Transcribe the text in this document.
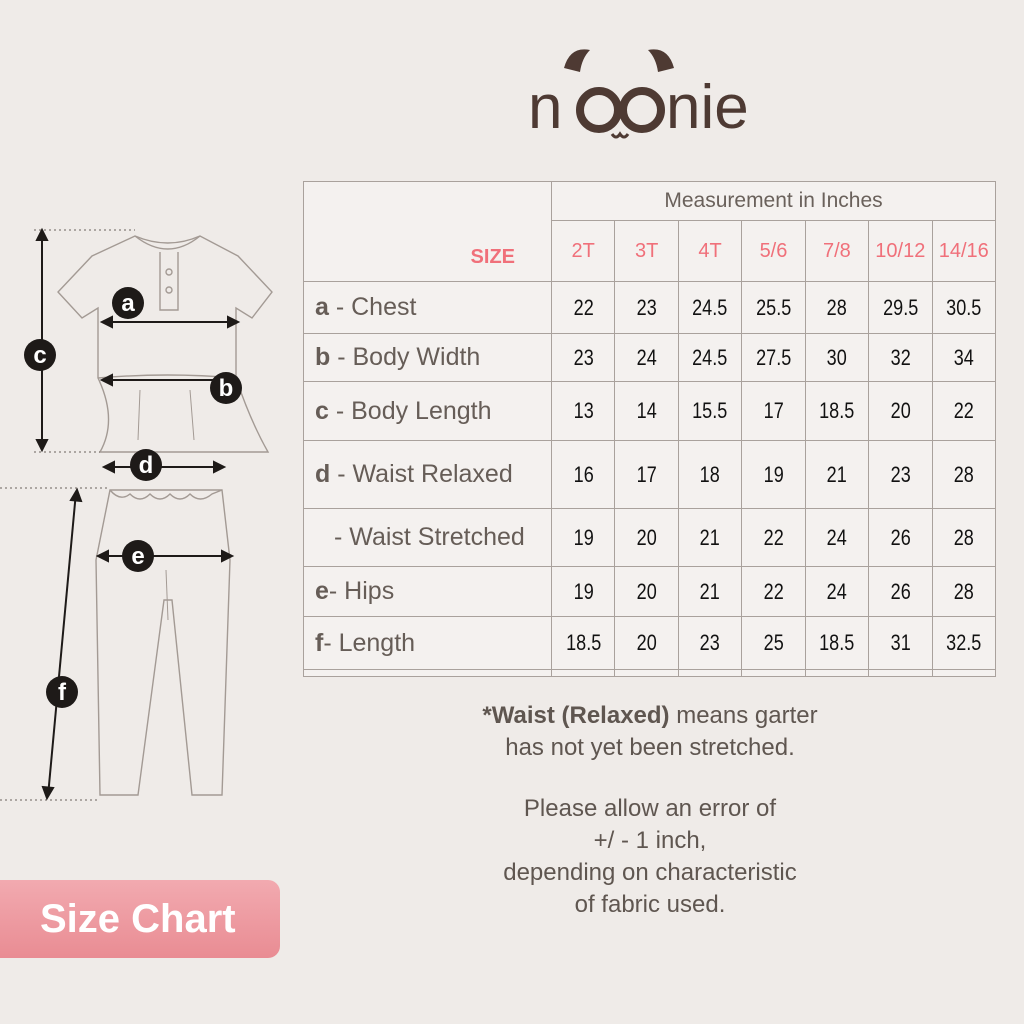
n nie
SIZE	Measurement in Inches						
	2T	3T	4T	5/6	7/8	10/12	14/16
a - Chest	22	23	24.5	25.5	28	29.5	30.5
b - Body Width	23	24	24.5	27.5	30	32	34
c - Body Length	13	14	15.5	17	18.5	20	22
d - Waist Relaxed	16	17	18	19	21	23	28
- Waist Stretched	19	20	21	22	24	26	28
e- Hips	19	20	21	22	24	26	28
f- Length	18.5	20	23	25	18.5	31	32.5

*Waist (Relaxed) means garter
has not yet been stretched.
Please allow an error of
+/ - 1 inch,
depending on characteristic
of fabric used.
Size Chart
a
b
c
d
e
f
